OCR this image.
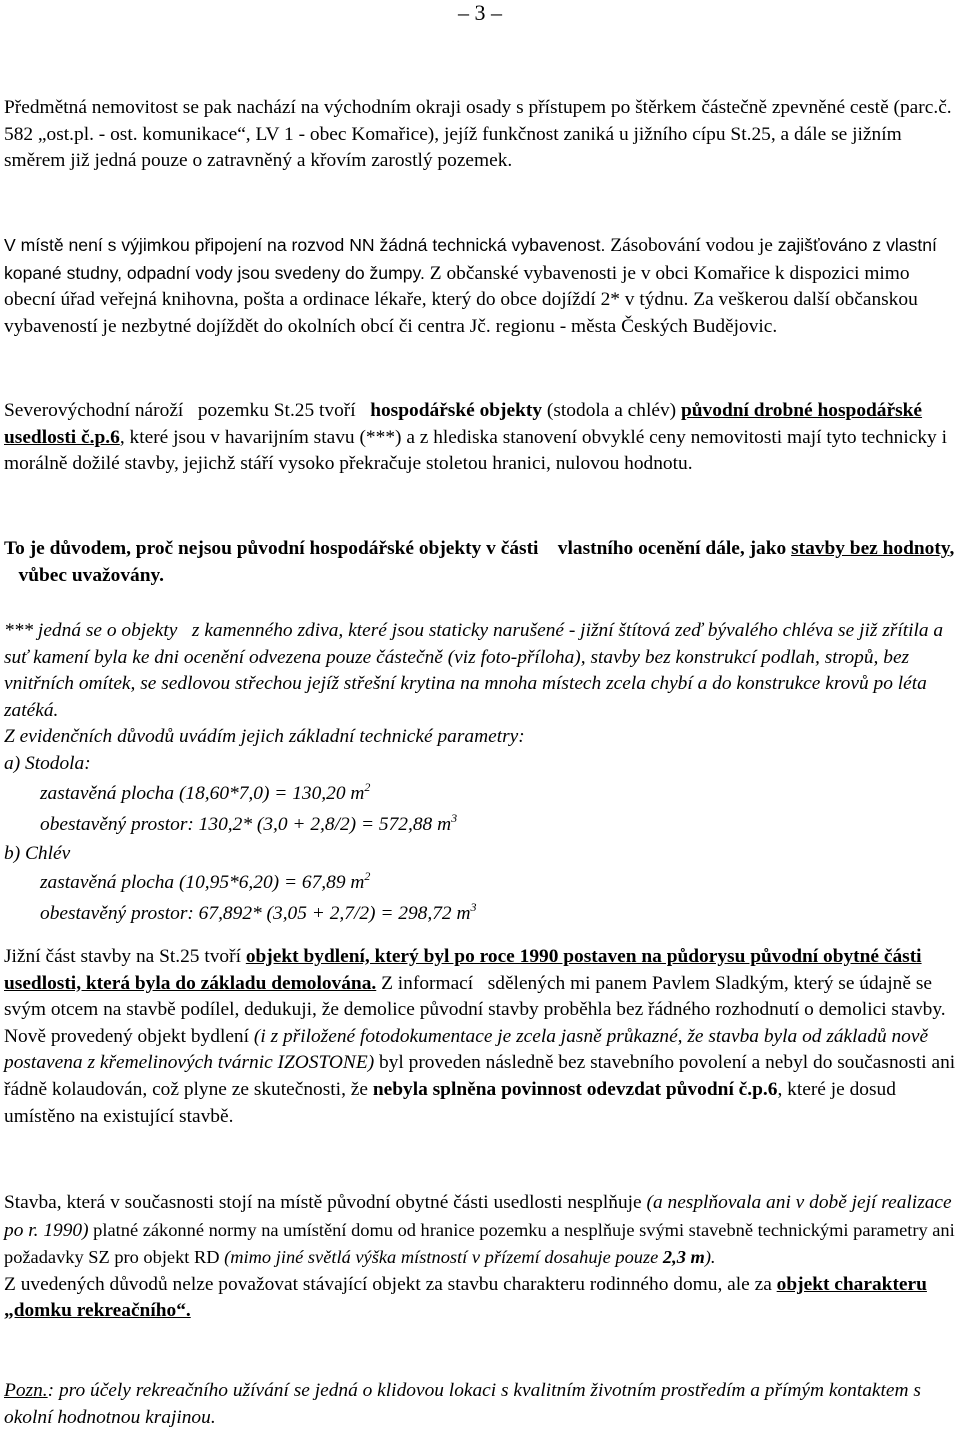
– 3 –

Předmětná nemovitost se pak nachází na východním okraji osady s přístupem po štěrkem částečně zpevněné cestě (parc.č. 582 „ost.pl. - ost. komunikace“, LV 1 - obec Komařice), jejíž funkčnost zaniká u jižního cípu St.25, a dále se jižním směrem již jedná pouze o zatravněný a křovím zarostlý pozemek.

V místě není s výjimkou připojení na rozvod NN žádná technická vybavenost. Zásobování vodou je zajišťováno z vlastní kopané studny, odpadní vody jsou svedeny do žumpy. Z občanské vybavenosti je v obci Komařice k dispozici mimo obecní úřad veřejná knihovna, pošta a ordinace lékaře, který do obce dojíždí 2* v týdnu. Za veškerou další občanskou vybaveností je nezbytné dojíždět do okolních obcí či centra Jč. regionu - města Českých Budějovic.

Severovýchodní nároží   pozemku St.25 tvoří   hospodářské objekty (stodola a chlév) původní drobné hospodářské usedlosti č.p.6, které jsou v havarijním stavu (***) a z hlediska stanovení obvyklé ceny nemovitosti mají tyto technicky i morálně dožilé stavby, jejichž stáří vysoko překračuje stoletou hranici, nulovou hodnotu.

To je důvodem, proč nejsou původní hospodářské objekty v části    vlastního ocenění dále, jako stavby bez hodnoty,    vůbec uvažovány.

*** jedná se o objekty   z kamenného zdiva, které jsou staticky narušené - jižní štítová zeď bývalého chléva se již zřítila a suť kamení byla ke dni ocenění odvezena pouze částečně (viz foto-příloha), stavby bez konstrukcí podlah, stropů, bez vnitřních omítek, se sedlovou střechou jejíž střešní krytina na mnoha místech zcela chybí a do konstrukce krovů po léta zatéká.

Z evidenčních důvodů uvádím jejich základní technické parametry:

a) Stodola:

zastavěná plocha (18,60*7,0) = 130,20 $m^2$

obestavěný prostor: 130,2* (3,0 + 2,8/2) = 572,88 $m^3$

b) Chlév

zastavěná plocha (10,95*6,20) = 67,89 $m^2$

obestavěný prostor: 67,892* (3,05 + 2,7/2) = 298,72 $m^3$

Jižní část stavby na St.25 tvoří objekt bydlení, který byl po roce 1990 postaven na půdorysu původní obytné části usedlosti, která byla do základu demolována. Z informací   sdělených mi panem Pavlem Sladkým, který se údajně se svým otcem na stavbě podílel, dedukuji, že demolice původní stavby proběhla bez řádného rozhodnutí o demolici stavby.

Nově provedený objekt bydlení (i z přiložené fotodokumentace je zcela jasně průkazné, že stavba byla od základů nově postavena z křemelinových tvárnic IZOSTONE) byl proveden následně bez stavebního povolení a nebyl do současnosti ani řádně kolaudován, což plyne ze skutečnosti, že nebyla splněna povinnost odevzdat původní č.p.6, které je dosud umístěno na existující stavbě.

Stavba, která v současnosti stojí na místě původní obytné části usedlosti nesplňuje (a nesplňovala ani v době její realizace po r. 1990) platné zákonné normy na umístění domu od hranice pozemku a nesplňuje svými stavebně technickými parametry ani požadavky SZ pro objekt RD (mimo jiné světlá výška místností v přízemí dosahuje pouze 2,3 m).

Z uvedených důvodů nelze považovat stávající objekt za stavbu charakteru rodinného domu, ale za objekt charakteru „domku rekreačního“.

Pozn.: pro účely rekreačního užívání se jedná o klidovou lokaci s kvalitním životním prostředím a přímým kontaktem s okolní hodnotnou krajinou.
